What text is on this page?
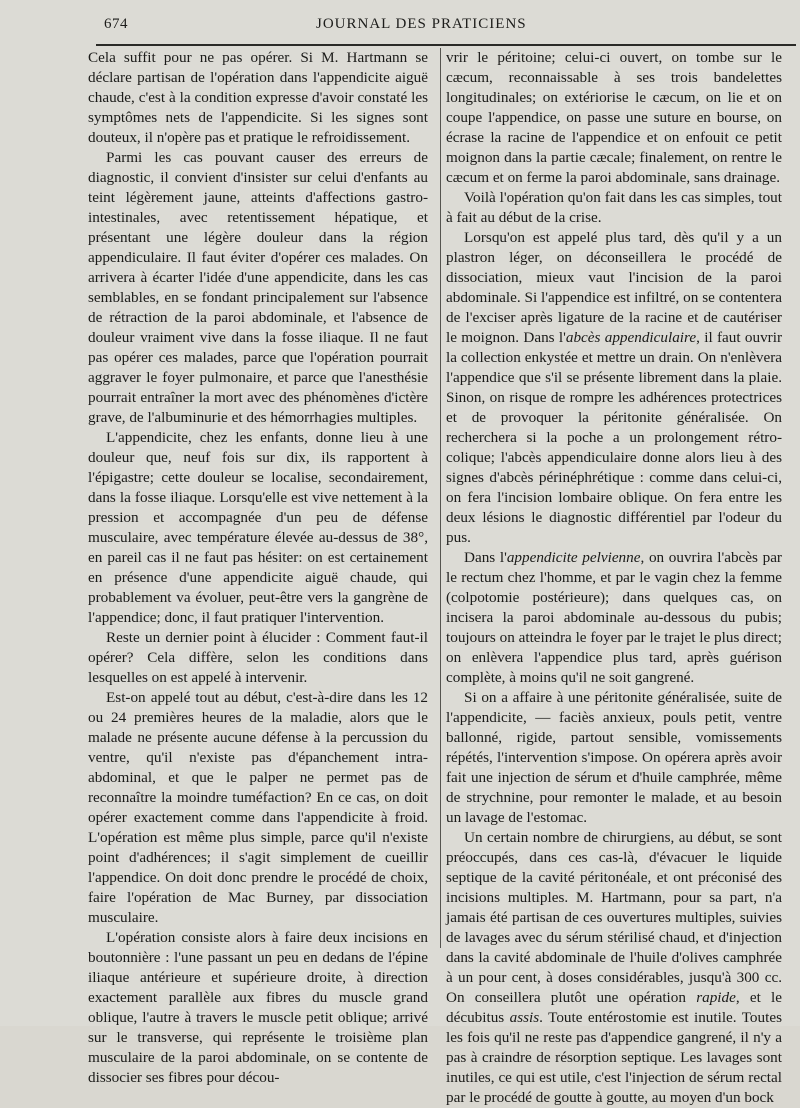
674	JOURNAL DES PRATICIENS

Cela suffit pour ne pas opérer. Si M. Hartmann se déclare partisan de l'opération dans l'appendicite aiguë chaude, c'est à la condition expresse d'avoir constaté les symptômes nets de l'appendicite. Si les signes sont douteux, il n'opère pas et pratique le refroidissement.

Parmi les cas pouvant causer des erreurs de diagnostic, il convient d'insister sur celui d'enfants au teint légèrement jaune, atteints d'affections gastro-intestinales, avec retentissement hépatique, et présentant une légère douleur dans la région appendiculaire. Il faut éviter d'opérer ces malades. On arrivera à écarter l'idée d'une appendicite, dans les cas semblables, en se fondant principalement sur l'absence de rétraction de la paroi abdominale, et l'absence de douleur vraiment vive dans la fosse iliaque. Il ne faut pas opérer ces malades, parce que l'opération pourrait aggraver le foyer pulmonaire, et parce que l'anesthésie pourrait entraîner la mort avec des phénomènes d'ictère grave, de l'albuminurie et des hémorrhagies multiples.

L'appendicite, chez les enfants, donne lieu à une douleur que, neuf fois sur dix, ils rapportent à l'épigastre; cette douleur se localise, secondairement, dans la fosse iliaque. Lorsqu'elle est vive nettement à la pression et accompagnée d'un peu de défense musculaire, avec température élevée au-dessus de 38°, en pareil cas il ne faut pas hésiter: on est certainement en présence d'une appendicite aiguë chaude, qui probablement va évoluer, peut-être vers la gangrène de l'appendice; donc, il faut pratiquer l'intervention.

Reste un dernier point à élucider : Comment faut-il opérer? Cela diffère, selon les conditions dans lesquelles on est appelé à intervenir.

Est-on appelé tout au début, c'est-à-dire dans les 12 ou 24 premières heures de la maladie, alors que le malade ne présente aucune défense à la percussion du ventre, qu'il n'existe pas d'épanchement intra-abdominal, et que le palper ne permet pas de reconnaître la moindre tuméfaction? En ce cas, on doit opérer exactement comme dans l'appendicite à froid. L'opération est même plus simple, parce qu'il n'existe point d'adhérences; il s'agit simplement de cueillir l'appendice. On doit donc prendre le procédé de choix, faire l'opération de Mac Burney, par dissociation musculaire.

L'opération consiste alors à faire deux incisions en boutonnière : l'une passant un peu en dedans de l'épine iliaque antérieure et supérieure droite, à direction exactement parallèle aux fibres du muscle grand oblique, l'autre à travers le muscle petit oblique; arrivé sur le transverse, qui représente le troisième plan musculaire de la paroi abdominale, on se contente de dissocier ses fibres pour décou-

vrir le péritoine; celui-ci ouvert, on tombe sur le cæcum, reconnaissable à ses trois bandelettes longitudinales; on extériorise le cæcum, on lie et on coupe l'appendice, on passe une suture en bourse, on écrase la racine de l'appendice et on enfouit ce petit moignon dans la partie cæcale; finalement, on rentre le cæcum et on ferme la paroi abdominale, sans drainage.

Voilà l'opération qu'on fait dans les cas simples, tout à fait au début de la crise.

Lorsqu'on est appelé plus tard, dès qu'il y a un plastron léger, on déconseillera le procédé de dissociation, mieux vaut l'incision de la paroi abdominale. Si l'appendice est infiltré, on se contentera de l'exciser après ligature de la racine et de cautériser le moignon. Dans l'abcès appendiculaire, il faut ouvrir la collection enkystée et mettre un drain. On n'enlèvera l'appendice que s'il se présente librement dans la plaie. Sinon, on risque de rompre les adhérences protectrices et de provoquer la péritonite généralisée. On recherchera si la poche a un prolongement rétro-colique; l'abcès appendiculaire donne alors lieu à des signes d'abcès périnéphrétique : comme dans celui-ci, on fera l'incision lombaire oblique. On fera entre les deux lésions le diagnostic différentiel par l'odeur du pus.

Dans l'appendicite pelvienne, on ouvrira l'abcès par le rectum chez l'homme, et par le vagin chez la femme (colpotomie postérieure); dans quelques cas, on incisera la paroi abdominale au-dessous du pubis; toujours on atteindra le foyer par le trajet le plus direct; on enlèvera l'appendice plus tard, après guérison complète, à moins qu'il ne soit gangrené.

Si on a affaire à une péritonite généralisée, suite de l'appendicite, — faciès anxieux, pouls petit, ventre ballonné, rigide, partout sensible, vomissements répétés, l'intervention s'impose. On opérera après avoir fait une injection de sérum et d'huile camphrée, même de strychnine, pour remonter le malade, et au besoin un lavage de l'estomac.

Un certain nombre de chirurgiens, au début, se sont préoccupés, dans ces cas-là, d'évacuer le liquide septique de la cavité péritonéale, et ont préconisé des incisions multiples. M. Hartmann, pour sa part, n'a jamais été partisan de ces ouvertures multiples, suivies de lavages avec du sérum stérilisé chaud, et d'injection dans la cavité abdominale de l'huile d'olives camphrée à un pour cent, à doses considérables, jusqu'à 300 cc. On conseillera plutôt une opération rapide, et le décubitus assis. Toute entérostomie est inutile. Toutes les fois qu'il ne reste pas d'appendice gangrené, il n'y a pas à craindre de résorption septique. Les lavages sont inutiles, ce qui est utile, c'est l'injection de sérum rectal par le procédé de goutte à goutte, au moyen d'un bock
